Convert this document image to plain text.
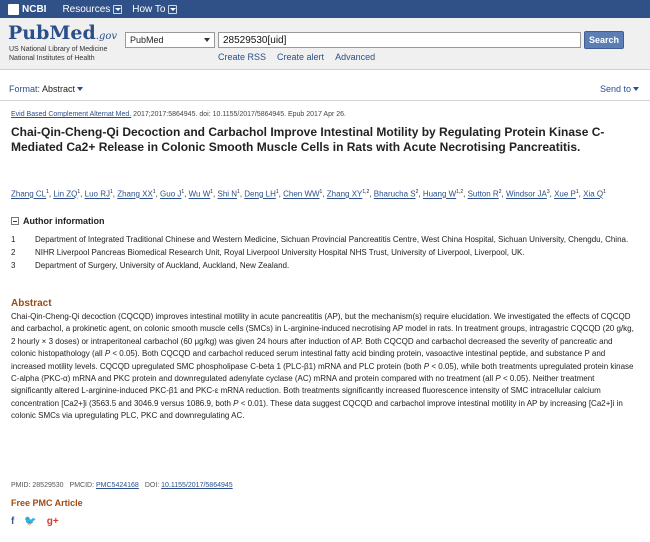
NCBI Resources How To
PubMed.gov
US National Library of Medicine
National Institutes of Health
PubMed
28529530[uid]	Search
Create RSS Create alert Advanced
Format: Abstract	Send to
Evid Based Complement Alternat Med. 2017;2017:5864945. doi: 10.1155/2017/5864945. Epub 2017 Apr 26.
Chai-Qin-Cheng-Qi Decoction and Carbachol Improve Intestinal Motility by Regulating Protein Kinase C-Mediated Ca2+ Release in Colonic Smooth Muscle Cells in Rats with Acute Necrotising Pancreatitis.
Zhang $CL^1$, Lin $ZQ^1$, Luo $RJ^1$, Zhang $XX^1$, Guo $J^1$, Wu $W^1$, Shi $N^1$, Deng $LH^1$, Chen $WW^1$, Zhang XY$^{1,2}$, Bharucha $S^2$, Huang W$^{1,2}$, Sutton $R^2$, Windsor $JA^3$, Xue $P^1$, Xia $Q^1$
Author information
1	Department of Integrated Traditional Chinese and Western Medicine, Sichuan Provincial Pancreatitis Centre, West China Hospital, Sichuan University, Chengdu, China.
2	NIHR Liverpool Pancreas Biomedical Research Unit, Royal Liverpool University Hospital NHS Trust, University of Liverpool, Liverpool, UK.
3	Department of Surgery, University of Auckland, Auckland, New Zealand.
Abstract

Chai-Qin-Cheng-Qi decoction (CQCQD) improves intestinal motility in acute pancreatitis (AP), but the mechanism(s) require elucidation. We investigated the effects of CQCQD and carbachol, a prokinetic agent, on colonic smooth muscle cells (SMCs) in L-arginine-induced necrotising AP model in rats. In treatment groups, intragastric CQCQD (20 g/kg, 2 hourly × 3 doses) or intraperitoneal carbachol (60 μg/kg) was given 24 hours after induction of AP. Both CQCQD and carbachol decreased the severity of pancreatic and colonic histopathology (all P < 0.05). Both CQCQD and carbachol reduced serum intestinal fatty acid binding protein, vasoactive intestinal peptide, and substance P and increased motility levels. CQCQD upregulated SMC phospholipase C-beta 1 (PLC-β1) mRNA and PLC protein (both P < 0.05), while both treatments upregulated protein kinase C-alpha (PKC-α) mRNA and PKC protein and downregulated adenylate cyclase (AC) mRNA and protein compared with no treatment (all P < 0.05). Neither treatment significantly altered L-arginine-induced PKC-β1 and PKC-ε mRNA reduction. Both treatments significantly increased fluorescence intensity of SMC intracellular calcium concentration [Ca2+]i (3563.5 and 3046.9 versus 1086.9, both P < 0.01). These data suggest CQCQD and carbachol improve intestinal motility in AP by increasing [Ca2+]i in colonic SMCs via upregulating PLC, PKC and downregulating AC.

PMID: 28529530 PMCID: PMC5424168 DOI: 10.1155/2017/5864945
Free PMC Article
f 🐦 g+
